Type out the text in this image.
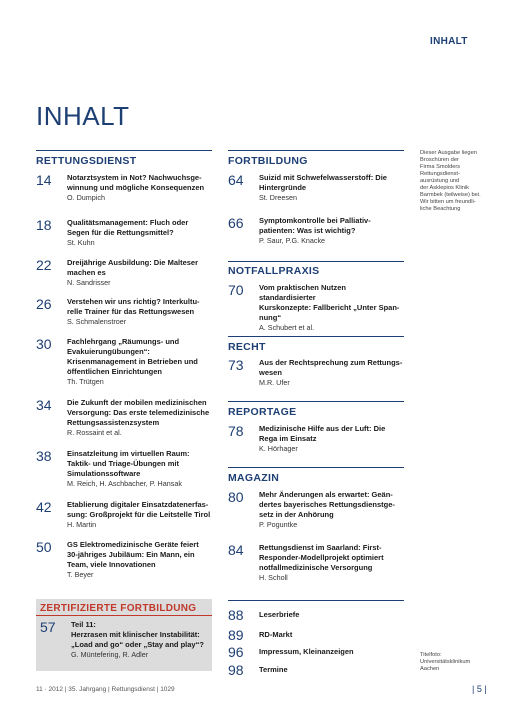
INHALT
INHALT
RETTUNGSDIENST
14 Notarztsystem in Not? Nachwuchsge-
winnung und mögliche Konsequenzen
O. Dumpich
18 Qualitätsmanagement: Fluch oder
Segen für die Rettungsmittel?
St. Kuhn
22 Dreijährige Ausbildung: Die Malteser
machen es
N. Sandrisser
26 Verstehen wir uns richtig? Interkultu-
relle Trainer für das Rettungswesen
S. Schmalenstroer
30 Fachlehrgang „Räumungs- und
Evakuierungübungen“:
Krisenmanagement in Betrieben und
öffentlichen Einrichtungen
Th. Trütgen
34 Die Zukunft der mobilen medizinischen
Versorgung: Das erste telemedizinische
Rettungsassistenzsystem
R. Rossaint et al.
38 Einsatzleitung im virtuellen Raum:
Taktik- und Triage-Übungen mit
Simulationssoftware
M. Reich, H. Aschbacher, P. Hansak
42 Etablierung digitaler Einsatzdatenerfas-
sung: Großprojekt für die Leitstelle Tirol
H. Martin
50 GS Elektromedizinische Geräte feiert
30-jähriges Jubiläum: Ein Mann, ein
Team, viele Innovationen
T. Beyer
ZERTIFIZIERTE FORTBILDUNG
57 Teil 11:
Herzrasen mit klinischer Instabilität:
„Load and go“ oder „Stay and play“?
G. Müntefering, R. Adler
FORTBILDUNG
64 Suizid mit Schwefelwasserstoff: Die
Hintergründe
St. Dreesen
66 Symptomkontrolle bei Palliativ-
patienten: Was ist wichtig?
P. Saur, P.G. Knacke
NOTFALLPRAXIS
70 Vom praktischen Nutzen standardisierter
Kurskonzepte: Fallbericht „Unter Span-
nung“
A. Schubert et al.
RECHT
73 Aus der Rechtsprechung zum Rettungs-
wesen
M.R. Ufer
REPORTAGE
78 Medizinische Hilfe aus der Luft: Die
Rega im Einsatz
K. Hörhager
MAGAZIN
80 Mehr Änderungen als erwartet: Geän-
dertes bayerisches Rettungsdienstge-
setz in der Anhörung
P. Poguntke
84 Rettungsdienst im Saarland: First-
Responder-Modellprojekt optimiert
notfallmedizinische Versorgung
H. Scholl
88 Leserbriefe
89 RD-Markt
96 Impressum, Kleinanzeigen
98 Termine
Dieser Ausgabe liegen
Broschüren der
Firma Smolders
Rettungsdienst-
ausrüstung und
der Asklepios Klinik
Barmbek (teilweise) bei.
Wir bitten um freundli-
liche Beachtung
Titelfoto:
Universitätsklinikum
Aachen
11 · 2012 | 35. Jahrgang | Rettungsdienst | 1029	| 5 |
